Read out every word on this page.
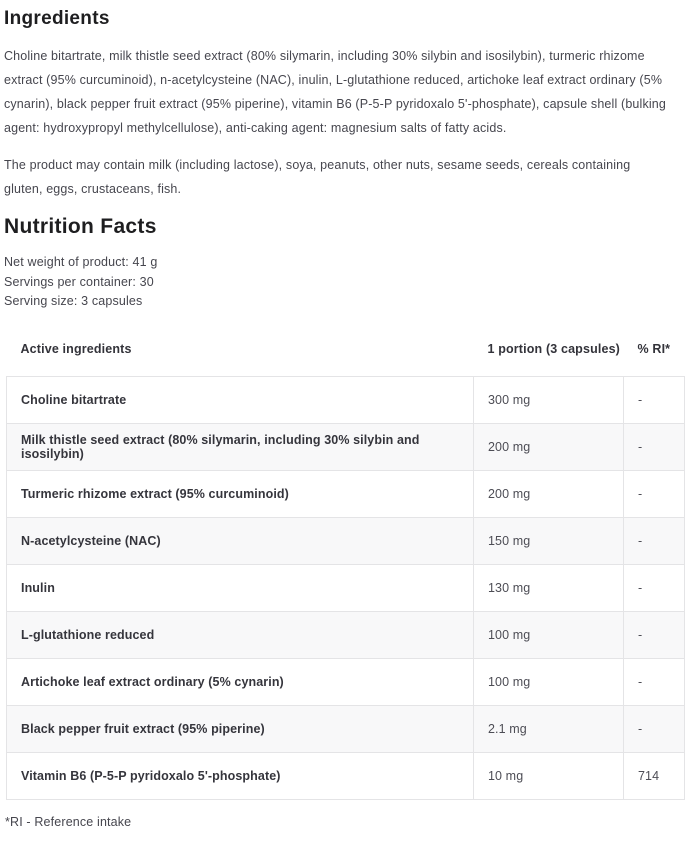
Ingredients

Choline bitartrate, milk thistle seed extract (80% silymarin, including 30% silybin and isosilybin), turmeric rhizome extract (95% curcuminoid), n-acetylcysteine (NAC), inulin, L-glutathione reduced, artichoke leaf extract ordinary (5% cynarin), black pepper fruit extract (95% piperine), vitamin B6 (P-5-P pyridoxalo 5'-phosphate), capsule shell (bulking agent: hydroxypropyl methylcellulose), anti-caking agent: magnesium salts of fatty acids.

The product may contain milk (including lactose), soya, peanuts, other nuts, sesame seeds, cereals containing gluten, eggs, crustaceans, fish.

Nutrition Facts
Net weight of product: 41 g
Servings per container: 30
Serving size: 3 capsules
Active ingredients	1 portion (3 capsules)	% RI*
Choline bitartrate	300 mg	-
Milk thistle seed extract (80% silymarin, including 30% silybin and isosilybin)	200 mg	-
Turmeric rhizome extract (95% curcuminoid)	200 mg	-
N-acetylcysteine (NAC)	150 mg	-
Inulin	130 mg	-
L-glutathione reduced	100 mg	-
Artichoke leaf extract ordinary (5% cynarin)	100 mg	-
Black pepper fruit extract (95% piperine)	2.1 mg	-
Vitamin B6 (P-5-P pyridoxalo 5'-phosphate)	10 mg	714
*RI - Reference intake
